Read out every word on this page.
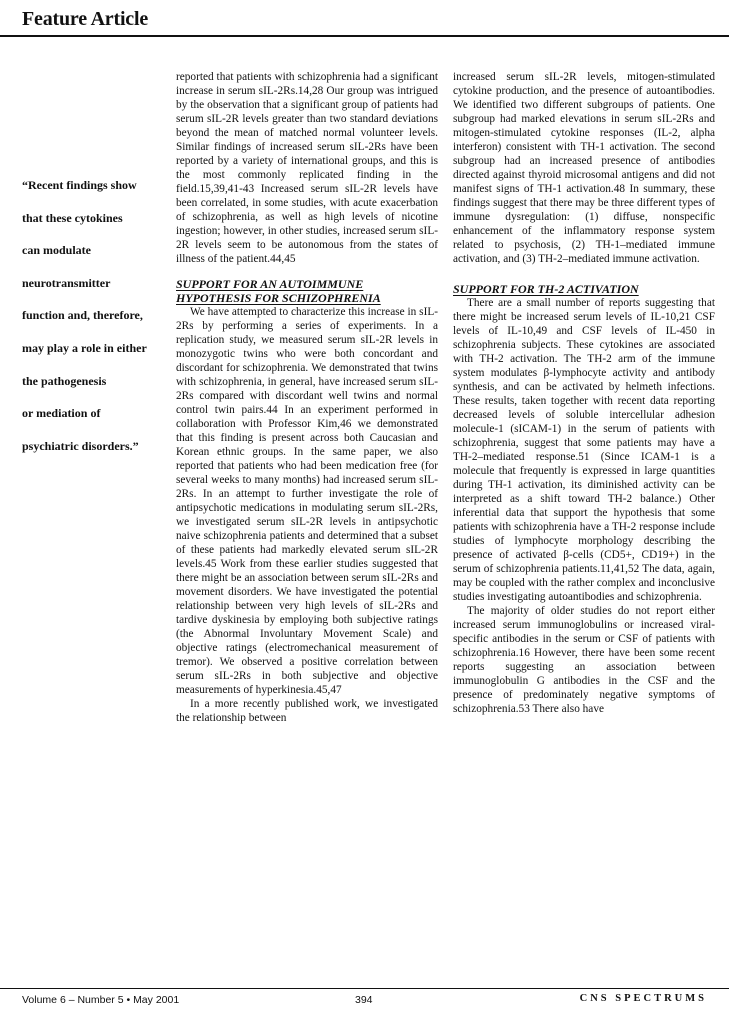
Feature Article
“Recent findings show
that these cytokines
can modulate
neurotransmitter
function and, therefore,
may play a role in either
the pathogenesis
or mediation of
psychiatric disorders.”

reported that patients with schizophrenia had a significant increase in serum sIL-2Rs.14,28 Our group was intrigued by the observation that a significant group of patients had serum sIL-2R levels greater than two standard deviations beyond the mean of matched normal volunteer levels. Similar findings of increased serum sIL-2Rs have been reported by a variety of international groups, and this is the most commonly replicated finding in the field.15,39,41-43 Increased serum sIL-2R levels have been correlated, in some studies, with acute exacerbation of schizophrenia, as well as high levels of nicotine ingestion; however, in other studies, increased serum sIL-2R levels seem to be autonomous from the states of illness of the patient.44,45

SUPPORT FOR AN AUTOIMMUNE

HYPOTHESIS FOR SCHIZOPHRENIA

We have attempted to characterize this increase in sIL-2Rs by performing a series of experiments. In a replication study, we measured serum sIL-2R levels in monozygotic twins who were both concordant and discordant for schizophrenia. We demonstrated that twins with schizophrenia, in general, have increased serum sIL-2Rs compared with discordant well twins and normal control twin pairs.44 In an experiment performed in collaboration with Professor Kim,46 we demonstrated that this finding is present across both Caucasian and Korean ethnic groups. In the same paper, we also reported that patients who had been medication free (for several weeks to many months) had increased serum sIL-2Rs. In an attempt to further investigate the role of antipsychotic medications in modulating serum sIL-2Rs, we investigated serum sIL-2R levels in antipsychotic naive schizophrenia patients and determined that a subset of these patients had markedly elevated serum sIL-2R levels.45 Work from these earlier studies suggested that there might be an association between serum sIL-2Rs and movement disorders. We have investigated the potential relationship between very high levels of sIL-2Rs and tardive dyskinesia by employing both subjective ratings (the Abnormal Involuntary Movement Scale) and objective ratings (electromechanical measurement of tremor). We observed a positive correlation between serum sIL-2Rs in both subjective and objective measurements of hyperkinesia.45,47

In a more recently published work, we investigated the relationship between

increased serum sIL-2R levels, mitogen-stimulated cytokine production, and the presence of autoantibodies. We identified two different subgroups of patients. One subgroup had marked elevations in serum sIL-2Rs and mitogen-stimulated cytokine responses (IL-2, alpha interferon) consistent with TH-1 activation. The second subgroup had an increased presence of antibodies directed against thyroid microsomal antigens and did not manifest signs of TH-1 activation.48 In summary, these findings suggest that there may be three different types of immune dysregulation: (1) diffuse, nonspecific enhancement of the inflammatory response system related to psychosis, (2) TH-1–mediated immune activation, and (3) TH-2–mediated immune activation.

SUPPORT FOR TH-2 ACTIVATION

There are a small number of reports suggesting that there might be increased serum levels of IL-10,21 CSF levels of IL-10,49 and CSF levels of IL-450 in schizophrenia subjects. These cytokines are associated with TH-2 activation. The TH-2 arm of the immune system modulates β-lymphocyte activity and antibody synthesis, and can be activated by helmeth infections. These results, taken together with recent data reporting decreased levels of soluble intercellular adhesion molecule-1 (sICAM-1) in the serum of patients with schizophrenia, suggest that some patients may have a TH-2–mediated response.51 (Since ICAM-1 is a molecule that frequently is expressed in large quantities during TH-1 activation, its diminished activity can be interpreted as a shift toward TH-2 balance.) Other inferential data that support the hypothesis that some patients with schizophrenia have a TH-2 response include studies of lymphocyte morphology describing the presence of activated β-cells (CD5+, CD19+) in the serum of schizophrenia patients.11,41,52 The data, again, may be coupled with the rather complex and inconclusive studies investigating autoantibodies and schizophrenia.

The majority of older studies do not report either increased serum immunoglobulins or increased viral-specific antibodies in the serum or CSF of patients with schizophrenia.16 However, there have been some recent reports suggesting an association between immunoglobulin G antibodies in the CSF and the presence of predominately negative symptoms of schizophrenia.53 There also have

Volume 6 – Number 5 • May 2001	394	CNS SPECTRUMS
